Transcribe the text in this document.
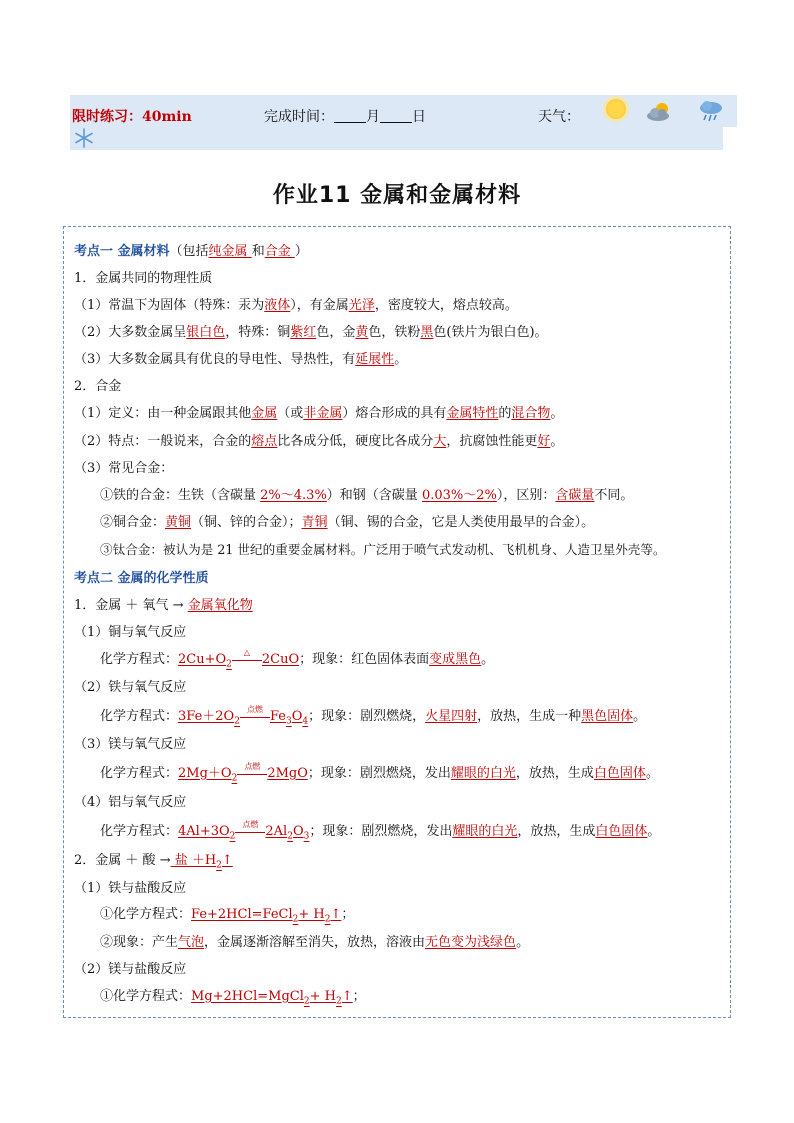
限时练习：40min	完成时间： 月 日	天气：
作业11 金属和金属材料
考点一 金属材料（包括纯金属 和合金 ）
1．金属共同的物理性质
（1）常温下为固体（特殊：汞为液体），有金属光泽，密度较大，熔点较高。
（2）大多数金属呈银白色，特殊：铜紫红色，金黄色，铁粉黑色(铁片为银白色)。
（3）大多数金属具有优良的导电性、导热性，有延展性。
2．合金
（1）定义：由一种金属跟其他金属（或非金属）熔合形成的具有金属特性的混合物。
（2）特点：一般说来，合金的熔点比各成分低，硬度比各成分大，抗腐蚀性能更好。
（3）常见合金：
①铁的合金：生铁（含碳量 2%～4.3%）和钢（含碳量 0.03%～2%），区别：含碳量不同。
②铜合金：黄铜（铜、锌的合金）；青铜（铜、锡的合金，它是人类使用最早的合金）。
③钛合金：被认为是 21 世纪的重要金属材料。广泛用于喷气式发动机、飞机机身、人造卫星外壳等。
考点二 金属的化学性质
1．金属 ＋ 氧气 → 金属氧化物
（1）铜与氧气反应
化学方程式：$2Cu+O_2$
△ 2CuO；现象：红色固体表面变成黑色。
（2）铁与氧气反应
化学方程式：$3Fe+2O_2$
点燃 $Fe_3O_4$；现象：剧烈燃烧，火星四射，放热，生成一种黑色固体。
（3）镁与氧气反应
化学方程式：$2Mg+O_2$
点燃 2MgO；现象：剧烈燃烧，发出耀眼的白光，放热，生成白色固体。
（4）铝与氧气反应
化学方程式：$4Al+3O_2$
点燃 $2Al_2O_3$；现象：剧烈燃烧，发出耀眼的白光，放热，生成白色固体。
2．金属 ＋ 酸 → 盐 $+H_2↑$
（1）铁与盐酸反应
①化学方程式：Fe+2HCl=FeCl$_2$+ $H_2↑$；
②现象：产生气泡，金属逐渐溶解至消失，放热，溶液由无色变为浅绿色。
（2）镁与盐酸反应
①化学方程式：Mg+2HCl=MgCl$_2$+ $H_2↑$；
